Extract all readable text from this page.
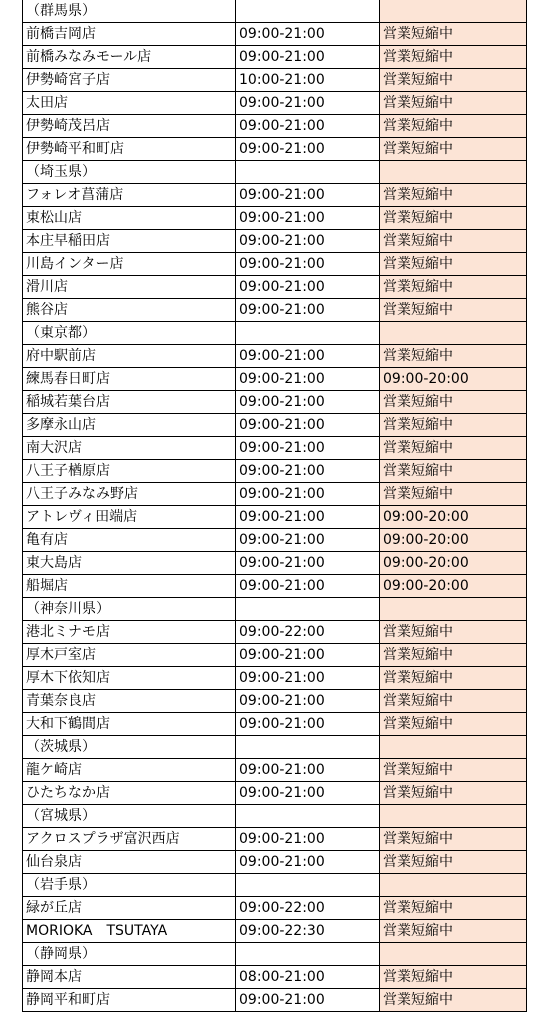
（群馬県）		
前橋吉岡店	09:00-21:00	営業短縮中
前橋みなみモール店	09:00-21:00	営業短縮中
伊勢崎宮子店	10:00-21:00	営業短縮中
太田店	09:00-21:00	営業短縮中
伊勢崎茂呂店	09:00-21:00	営業短縮中
伊勢崎平和町店	09:00-21:00	営業短縮中
（埼玉県）		
フォレオ菖蒲店	09:00-21:00	営業短縮中
東松山店	09:00-21:00	営業短縮中
本庄早稲田店	09:00-21:00	営業短縮中
川島インター店	09:00-21:00	営業短縮中
滑川店	09:00-21:00	営業短縮中
熊谷店	09:00-21:00	営業短縮中
（東京都）		
府中駅前店	09:00-21:00	営業短縮中
練馬春日町店	09:00-21:00	09:00-20:00
稲城若葉台店	09:00-21:00	営業短縮中
多摩永山店	09:00-21:00	営業短縮中
南大沢店	09:00-21:00	営業短縮中
八王子楢原店	09:00-21:00	営業短縮中
八王子みなみ野店	09:00-21:00	営業短縮中
アトレヴィ田端店	09:00-21:00	09:00-20:00
亀有店	09:00-21:00	09:00-20:00
東大島店	09:00-21:00	09:00-20:00
船堀店	09:00-21:00	09:00-20:00
（神奈川県）		
港北ミナモ店	09:00-22:00	営業短縮中
厚木戸室店	09:00-21:00	営業短縮中
厚木下依知店	09:00-21:00	営業短縮中
青葉奈良店	09:00-21:00	営業短縮中
大和下鶴間店	09:00-21:00	営業短縮中
（茨城県）		
龍ケ崎店	09:00-21:00	営業短縮中
ひたちなか店	09:00-21:00	営業短縮中
（宮城県）		
アクロスプラザ富沢西店	09:00-21:00	営業短縮中
仙台泉店	09:00-21:00	営業短縮中
（岩手県）		
緑が丘店	09:00-22:00	営業短縮中
MORIOKA　TSUTAYA	09:00-22:30	営業短縮中
（静岡県）		
静岡本店	08:00-21:00	営業短縮中
静岡平和町店	09:00-21:00	営業短縮中
